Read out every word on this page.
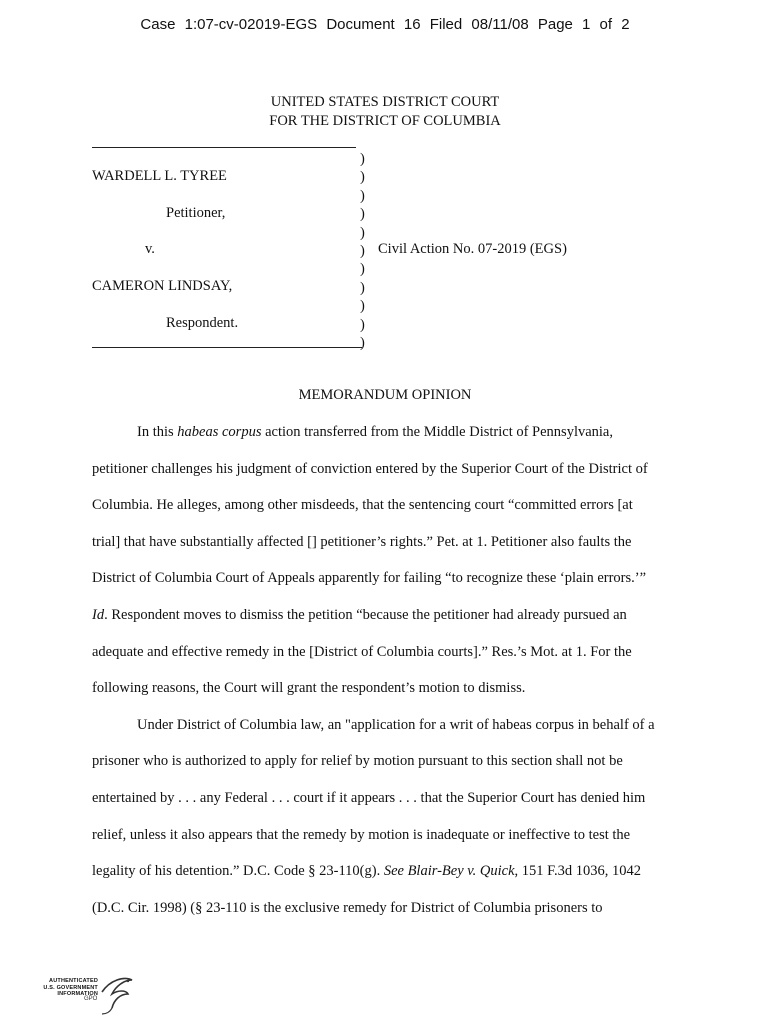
Case 1:07-cv-02019-EGS Document 16 Filed 08/11/08 Page 1 of 2
UNITED STATES DISTRICT COURT
FOR THE DISTRICT OF COLUMBIA
WARDELL L. TYREE
Petitioner,
v.
CAMERON LINDSAY,
Respondent.
)
)
)
)
)
)
)
)
)
)
)
Civil Action No. 07-2019 (EGS)
MEMORANDUM OPINION
In this habeas corpus action transferred from the Middle District of Pennsylvania,
petitioner challenges his judgment of conviction entered by the Superior Court of the District of
Columbia. He alleges, among other misdeeds, that the sentencing court “committed errors [at
trial] that have substantially affected [] petitioner’s rights.” Pet. at 1. Petitioner also faults the
District of Columbia Court of Appeals apparently for failing “to recognize these ‘plain errors.’”
Id. Respondent moves to dismiss the petition “because the petitioner had already pursued an
adequate and effective remedy in the [District of Columbia courts].” Res.’s Mot. at 1. For the
following reasons, the Court will grant the respondent’s motion to dismiss.
Under District of Columbia law, an "application for a writ of habeas corpus in behalf of a
prisoner who is authorized to apply for relief by motion pursuant to this section shall not be
entertained by . . . any Federal . . . court if it appears . . . that the Superior Court has denied him
relief, unless it also appears that the remedy by motion is inadequate or ineffective to test the
legality of his detention.” D.C. Code § 23-110(g). See Blair-Bey v. Quick, 151 F.3d 1036, 1042
(D.C. Cir. 1998) (§ 23-110 is the exclusive remedy for District of Columbia prisoners to
AUTHENTICATED
U.S. GOVERNMENT
INFORMATION
GPO
